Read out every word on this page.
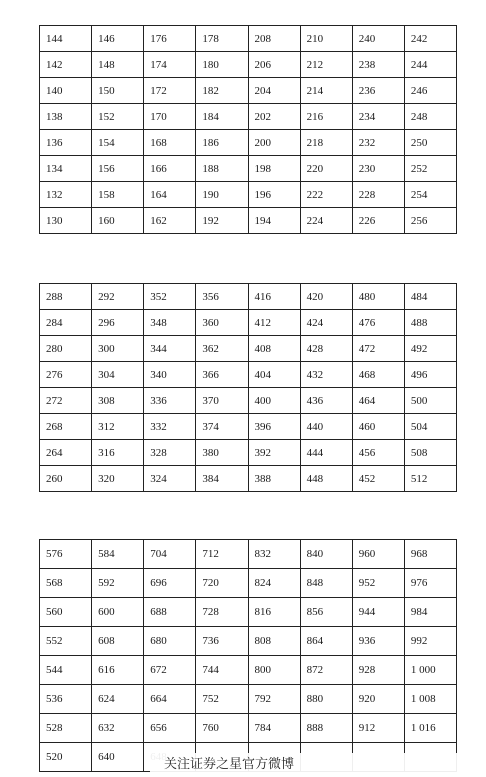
144	146	176	178	208	210	240	242
142	148	174	180	206	212	238	244
140	150	172	182	204	214	236	246
138	152	170	184	202	216	234	248
136	154	168	186	200	218	232	250
134	156	166	188	198	220	230	252
132	158	164	190	196	222	228	254
130	160	162	192	194	224	226	256
288	292	352	356	416	420	480	484
284	296	348	360	412	424	476	488
280	300	344	362	408	428	472	492
276	304	340	366	404	432	468	496
272	308	336	370	400	436	464	500
268	312	332	374	396	440	460	504
264	316	328	380	392	444	456	508
260	320	324	384	388	448	452	512
576	584	704	712	832	840	960	968
568	592	696	720	824	848	952	976
560	600	688	728	816	856	944	984
552	608	680	736	808	864	936	992
544	616	672	744	800	872	928	1 000
536	624	664	752	792	880	920	1 008
528	632	656	760	784	888	912	1 016
520	640							关注证券之星官方微博
